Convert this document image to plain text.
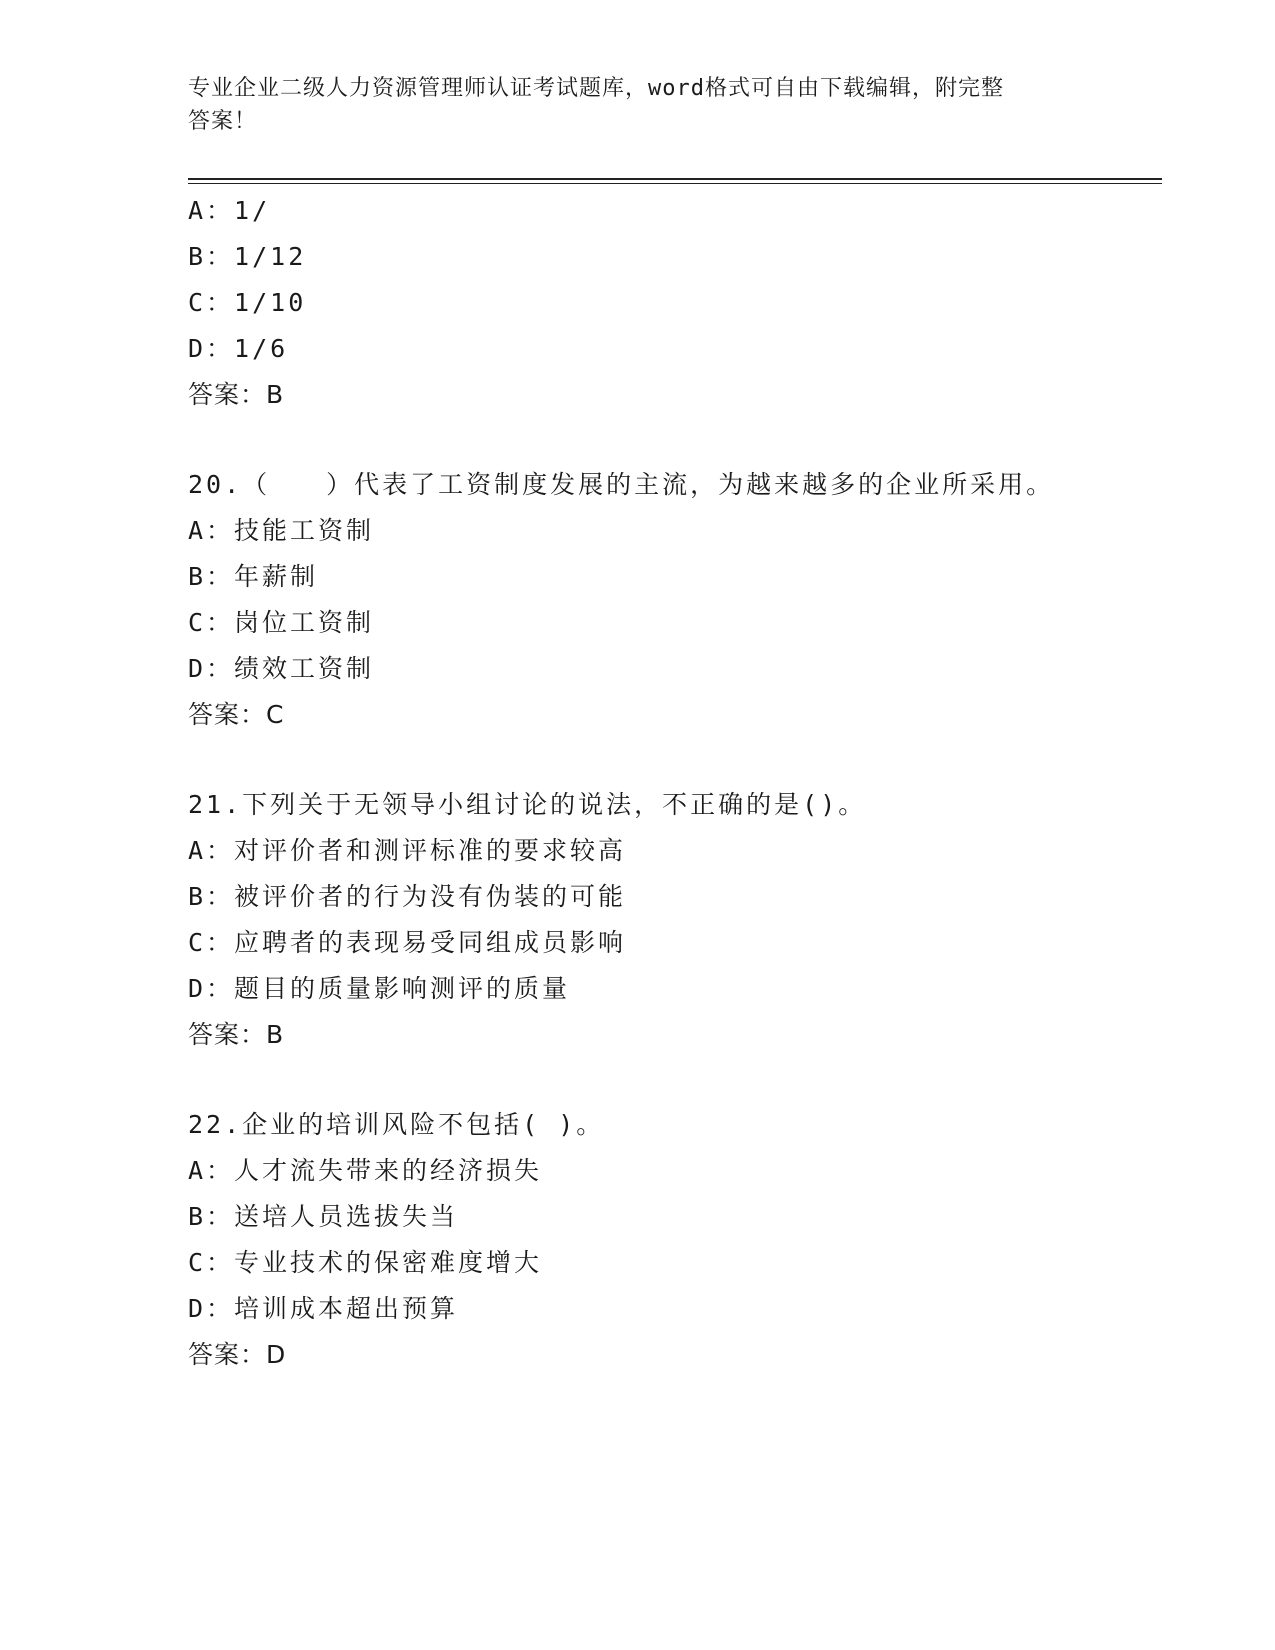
专业企业二级人力资源管理师认证考试题库，word格式可自由下载编辑，附完整
答案！
A：1/
B：1/12
C：1/10
D：1/6
答案：B
20.（　　）代表了工资制度发展的主流，为越来越多的企业所采用。
A：技能工资制
B：年薪制
C：岗位工资制
D：绩效工资制
答案：C
21.下列关于无领导小组讨论的说法，不正确的是()。
A：对评价者和测评标准的要求较高
B：被评价者的行为没有伪装的可能
C：应聘者的表现易受同组成员影响
D：题目的质量影响测评的质量
答案：B
22.企业的培训风险不包括( )。
A：人才流失带来的经济损失
B：送培人员选拔失当
C：专业技术的保密难度增大
D：培训成本超出预算
答案：D
